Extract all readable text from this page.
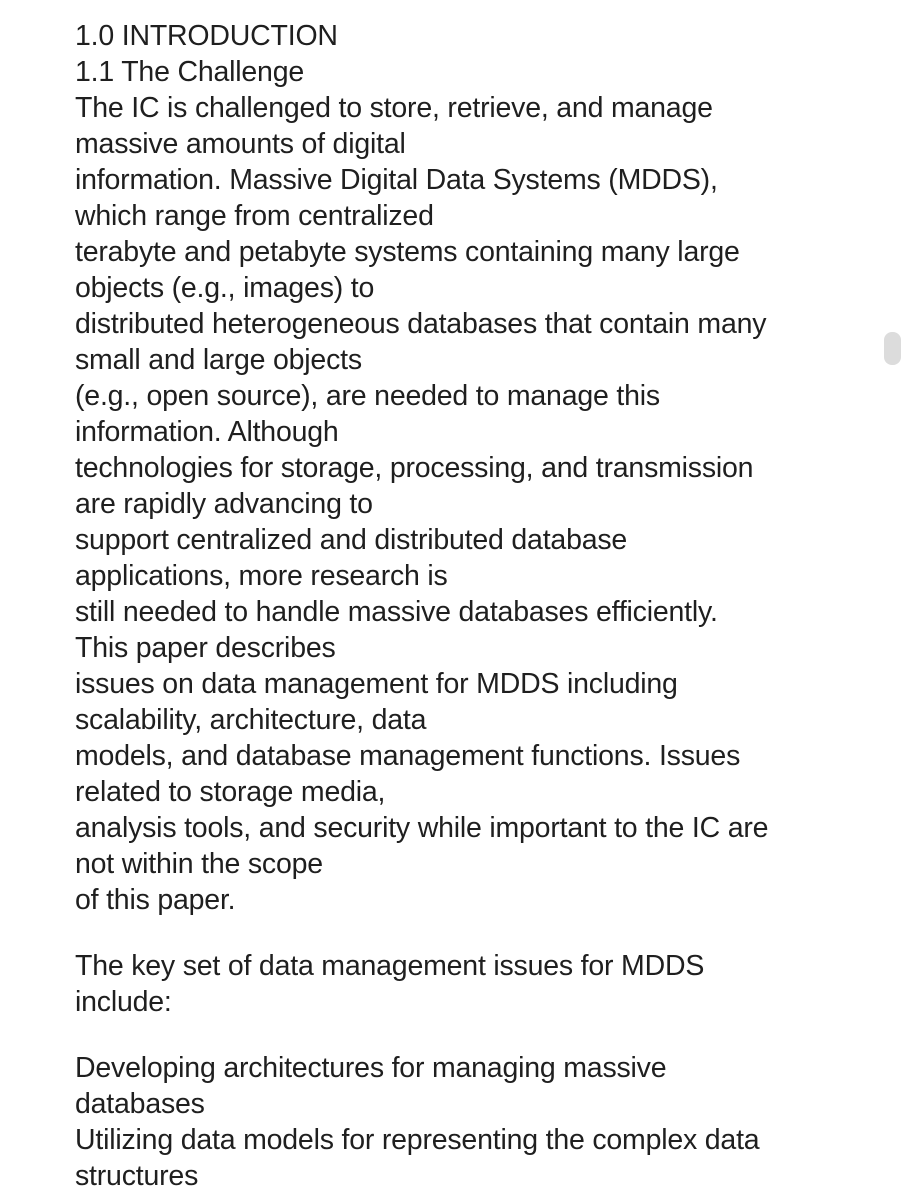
1.0 INTRODUCTION
1.1 The Challenge
The IC is challenged to store, retrieve, and manage
massive amounts of digital
information. Massive Digital Data Systems (MDDS),
which range from centralized
terabyte and petabyte systems containing many large
objects (e.g., images) to
distributed heterogeneous databases that contain many
small and large objects
(e.g., open source), are needed to manage this
information. Although
technologies for storage, processing, and transmission
are rapidly advancing to
support centralized and distributed database
applications, more research is
still needed to handle massive databases efficiently.
This paper describes
issues on data management for MDDS including
scalability, architecture, data
models, and database management functions. Issues
related to storage media,
analysis tools, and security while important to the IC are
not within the scope
of this paper.
The key set of data management issues for MDDS
include:
Developing architectures for managing massive
databases
Utilizing data models for representing the complex data
structures
